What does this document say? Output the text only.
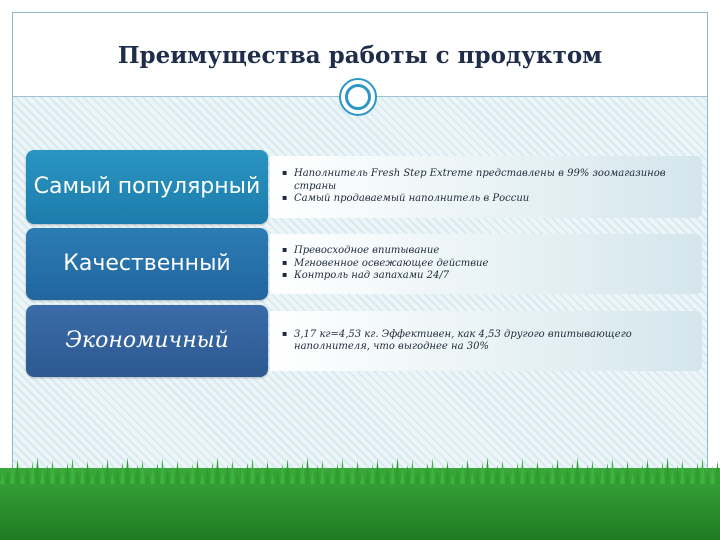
Преимущества работы с продуктом
Самый популярный
▪ Наполнитель Fresh Step Extreme представлены в 99% зоомагазинов страны
▪ Самый продаваемый наполнитель в России
Качественный
▪ Превосходное впитывание
▪ Мгновенное освежающее действие
▪ Контроль над запахами 24/7
Экономичный
▪	3,17 кг=4,53 кг. Эффективен, как 4,53 другого впитывающего наполнителя, что выгоднее на 30%
